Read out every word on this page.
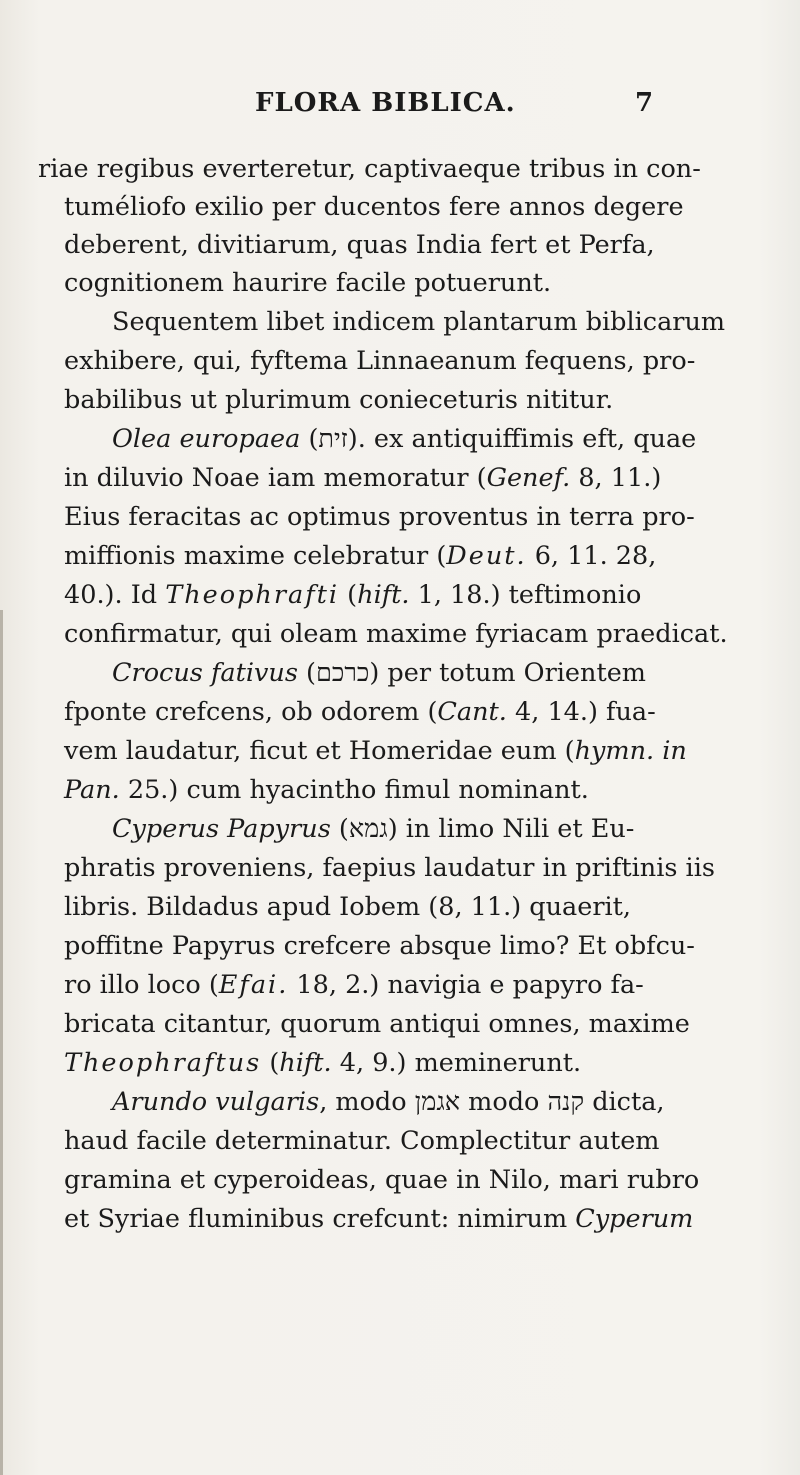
FLORA BIBLICA.	7
riae regibus everteretur, captivaeque tribus in con-
tuméliofo exilio per ducentos fere annos degere
deberent, divitiarum, quas India fert et Perfa,
cognitionem haurire facile potuerunt.
Sequentem libet indicem plantarum biblicarum
exhibere, qui, fyftema Linnaeanum fequens, pro-
babilibus ut plurimum conieceturis nititur.
Olea europaea (זית). ex antiquiffimis eft, quae
in diluvio Noae iam memoratur (Genef. 8, 11.)
Eius feracitas ac optimus proventus in terra pro-
miffionis maxime celebratur (Deut. 6, 11. 28,
40.). Id Theophrafti (hift. 1, 18.) teftimonio
confirmatur, qui oleam maxime fyriacam praedicat.
Crocus fativus (כרכם) per totum Orientem
fponte crefcens, ob odorem (Cant. 4, 14.) fua-
vem laudatur, ficut et Homeridae eum (hymn. in
Pan. 25.) cum hyacintho fimul nominant.
Cyperus Papyrus (גמא) in limo Nili et Eu-
phratis proveniens, faepius laudatur in priftinis iis
libris. Bildadus apud Iobem (8, 11.) quaerit,
poffitne Papyrus crefcere absque limo? Et obfcu-
ro illo loco (Efai. 18, 2.) navigia e papyro fa-
bricata citantur, quorum antiqui omnes, maxime
Theophraftus (hift. 4, 9.) meminerunt.
Arundo vulgaris, modo אגמן modo קנה dicta,
haud facile determinatur. Complectitur autem
gramina et cyperoideas, quae in Nilo, mari rubro
et Syriae fluminibus crefcunt: nimirum Cyperum
